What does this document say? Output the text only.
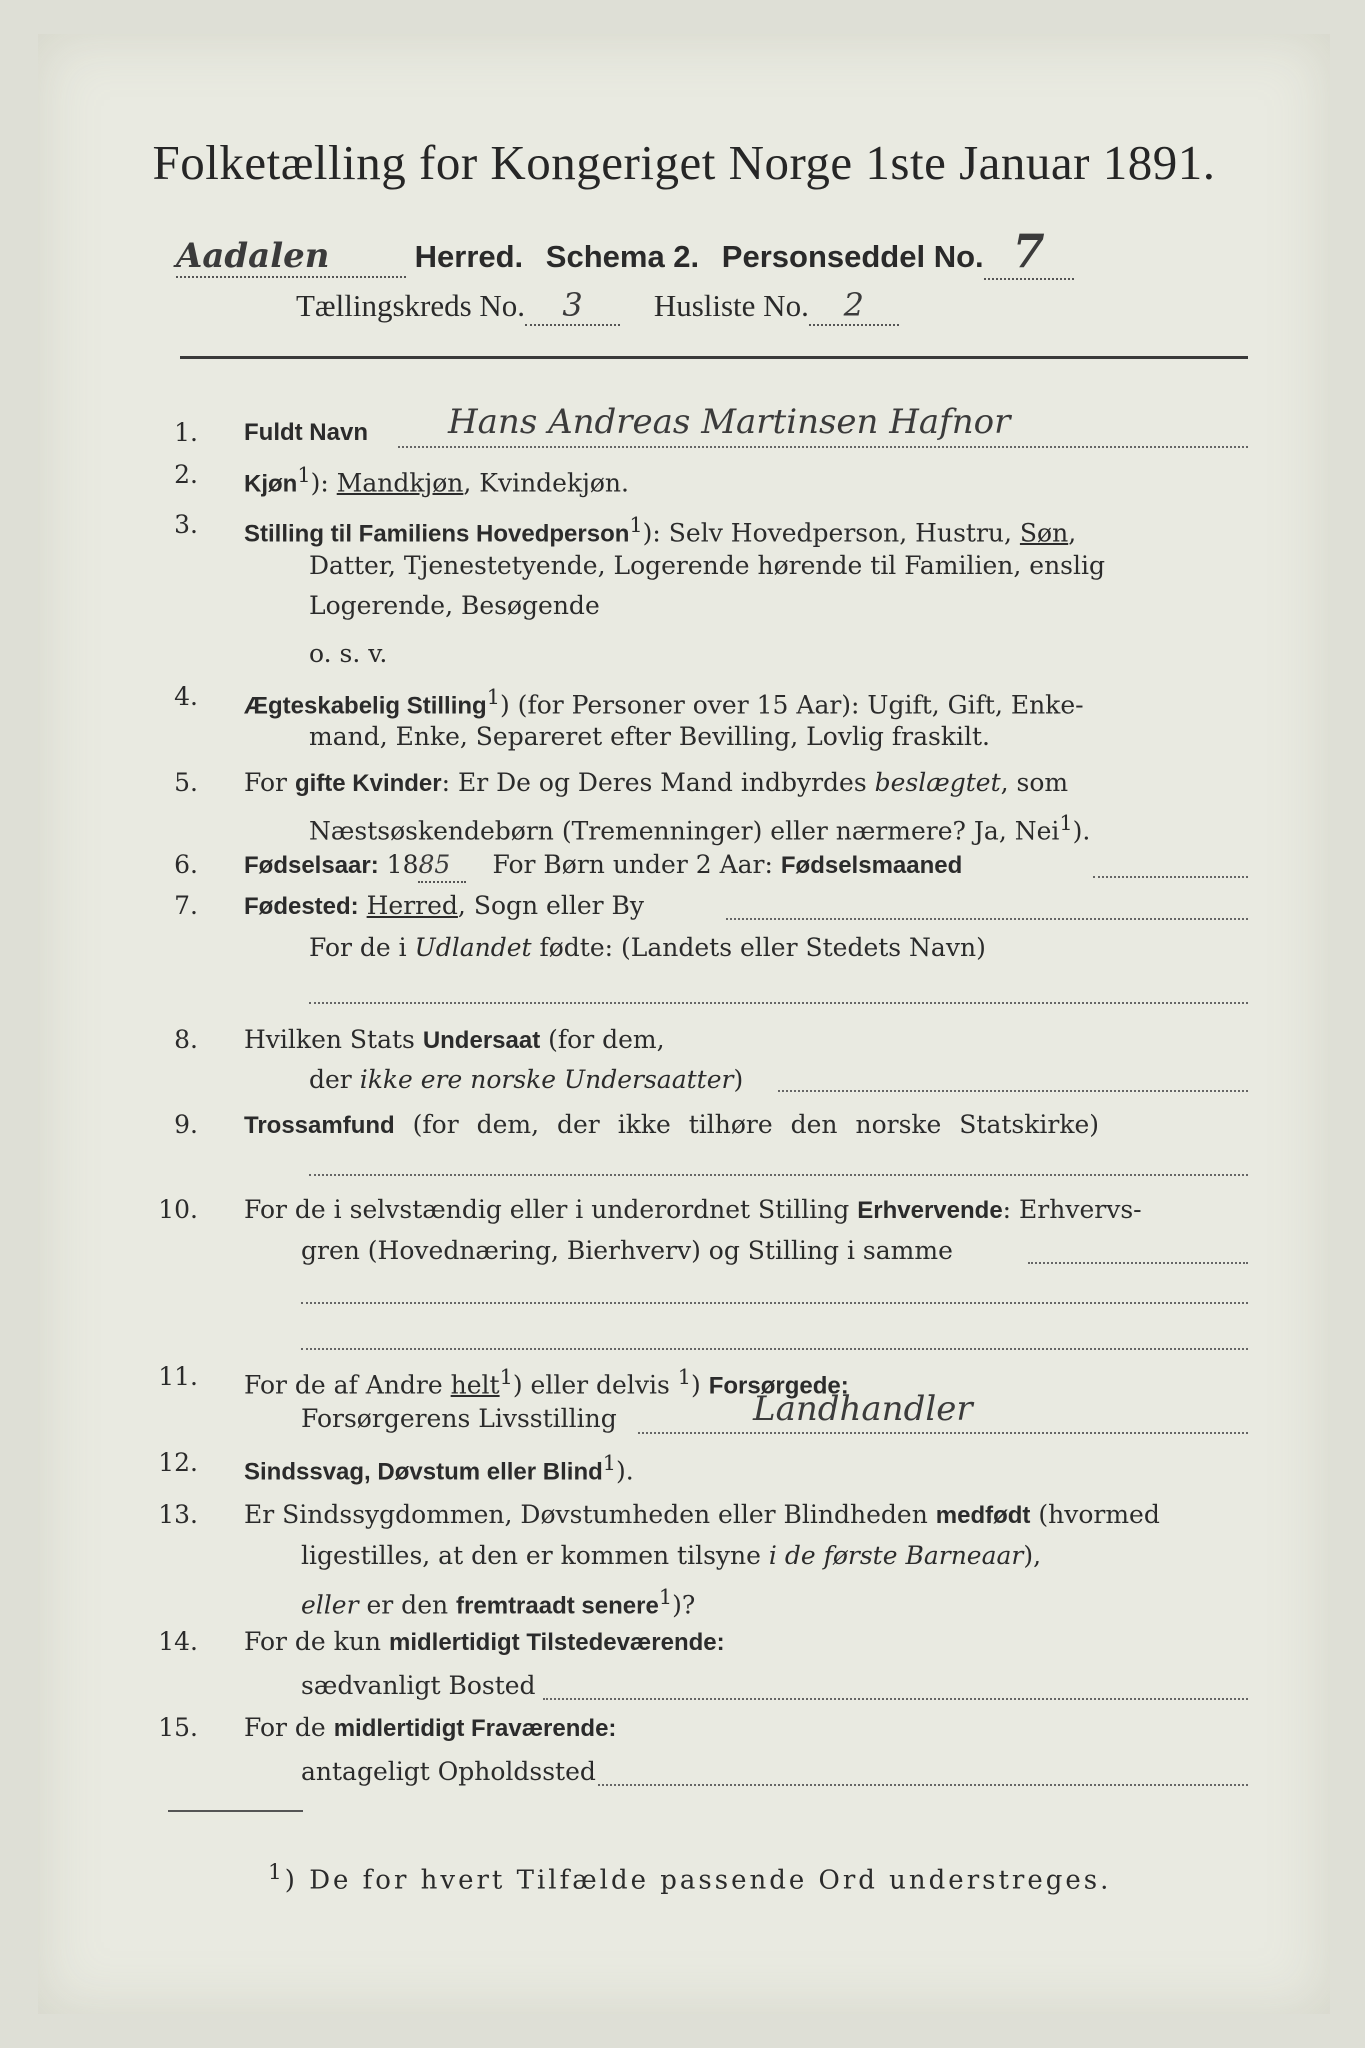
Folketælling for Kongeriget Norge 1ste Januar 1891.
Aadalen	Herred. Schema 2. Personseddel No. 7
Tællingskreds No. 3 Husliste No. 2
1. Fuldt Navn Hans Andreas Martinsen Hafnor
2. Kjøn$^1$): Mandkjøn, Kvindekjøn.
3. Stilling til Familiens Hovedperson$^1$): Selv Hovedperson, Hustru, Søn,
Datter, Tjenestetyende, Logerende hørende til Familien, enslig
Logerende, Besøgende
o. s. v.
4. Ægteskabelig Stilling$^1$) (for Personer over 15 Aar): Ugift, Gift, Enke-
mand, Enke, Separeret efter Bevilling, Lovlig fraskilt.
5. For gifte Kvinder: Er De og Deres Mand indbyrdes beslægtet, som
Næstsøskendebørn (Tremenninger) eller nærmere? Ja, Nei$^1$).
6. Fødselsaar: 1885 For Børn under 2 Aar: Fødselsmaaned
7. Fødested: Herred, Sogn eller By
For de i Udlandet fødte: (Landets eller Stedets Navn)
8. Hvilken Stats Undersaat (for dem,
der ikke ere norske Undersaatter)
9. Trossamfund (for dem, der ikke tilhøre den norske Statskirke)
10. For de i selvstændig eller i underordnet Stilling Erhvervende: Erhvervs-
gren (Hovednæring, Bierhverv) og Stilling i samme
11. For de af Andre helt$^1$) eller delvis $^1$) Forsørgede:
Forsørgerens Livsstilling	Landhandler
12. Sindssvag, Døvstum eller Blind$^1$).
13. Er Sindssygdommen, Døvstumheden eller Blindheden medfødt (hvormed
ligestilles, at den er kommen tilsyne i de første Barneaar),
eller er den fremtraadt senere$^1$)?
14. For de kun midlertidigt Tilstedeværende:
sædvanligt Bosted
15. For de midlertidigt Fraværende:
antageligt Opholdssted
$^1$) De for hvert Tilfælde passende Ord understreges.
